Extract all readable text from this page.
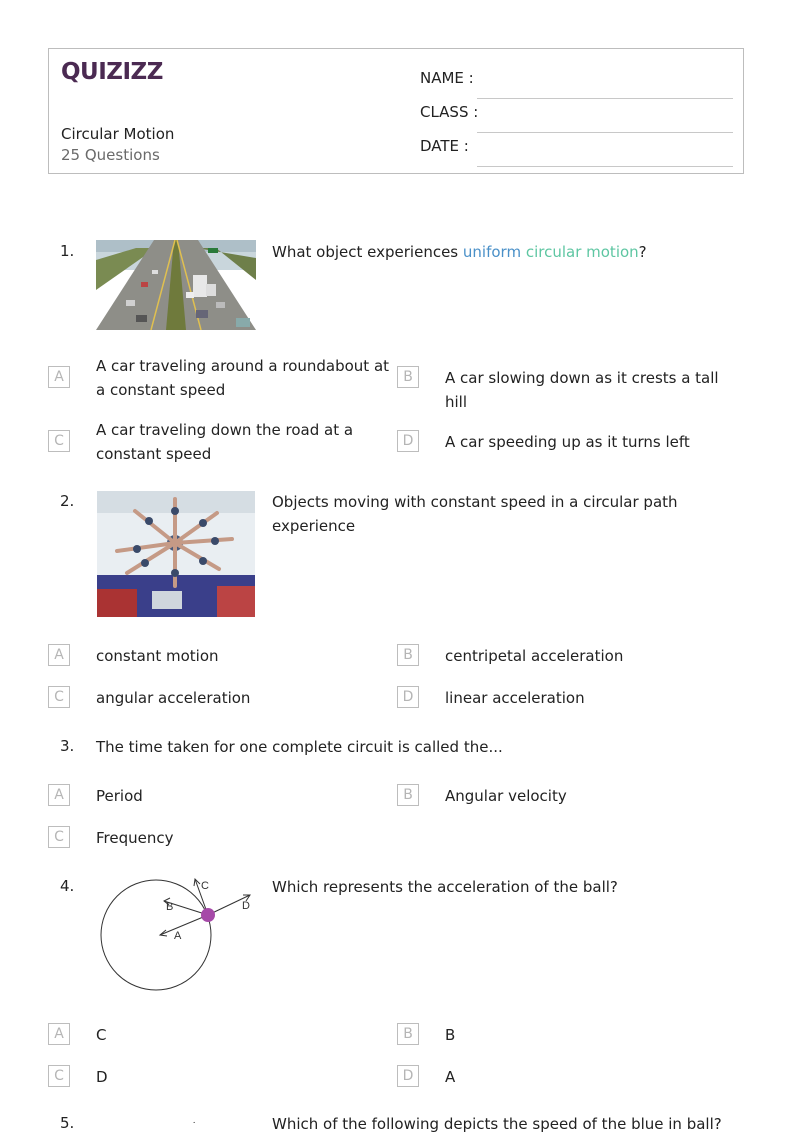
QUIZIZZ
Circular Motion
25 Questions
NAME :
CLASS :
DATE :
1.	What object experiences uniform circular motion?
A
A car traveling around a roundabout at a constant speed
B	A car slowing down as it crests a tall hill
C
A car traveling down the road at a constant speed
D	A car speeding up as it turns left
2.	Objects moving with constant speed in a circular path experience
A	constant motion	B	centripetal acceleration
C	angular acceleration	D	linear acceleration
3. The time taken for one complete circuit is called the...
A	Period	B	Angular velocity
C	Frequency
4.	C
B	D
A
Which represents the acceleration of the ball?
A	C	B	B
C	D	D	A
5.	Which of the following depicts the speed of the blue in ball?
